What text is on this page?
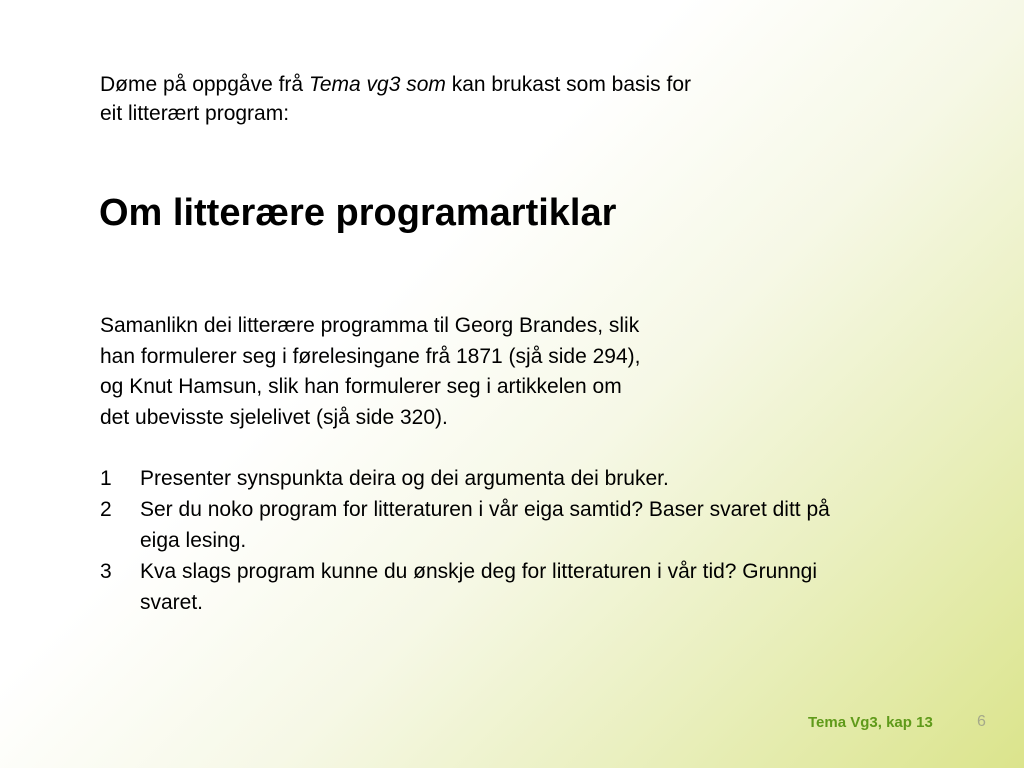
Døme på oppgåve frå Tema vg3 som kan brukast som basis for
eit litterært program:
Om litterære programartiklar
Samanlikn dei litterære programma til Georg Brandes, slik
han formulerer seg i førelesingane frå 1871 (sjå side 294),
og Knut Hamsun, slik han formulerer seg i artikkelen om
det ubevisste sjelelivet (sjå side 320).
1 Presenter synspunkta deira og dei argumenta dei bruker.
2 Ser du noko program for litteraturen i vår eiga samtid? Baser svaret ditt på
eiga lesing.
3 Kva slags program kunne du ønskje deg for litteraturen i vår tid? Grunngi
svaret.
Tema Vg3, kap 13	6
